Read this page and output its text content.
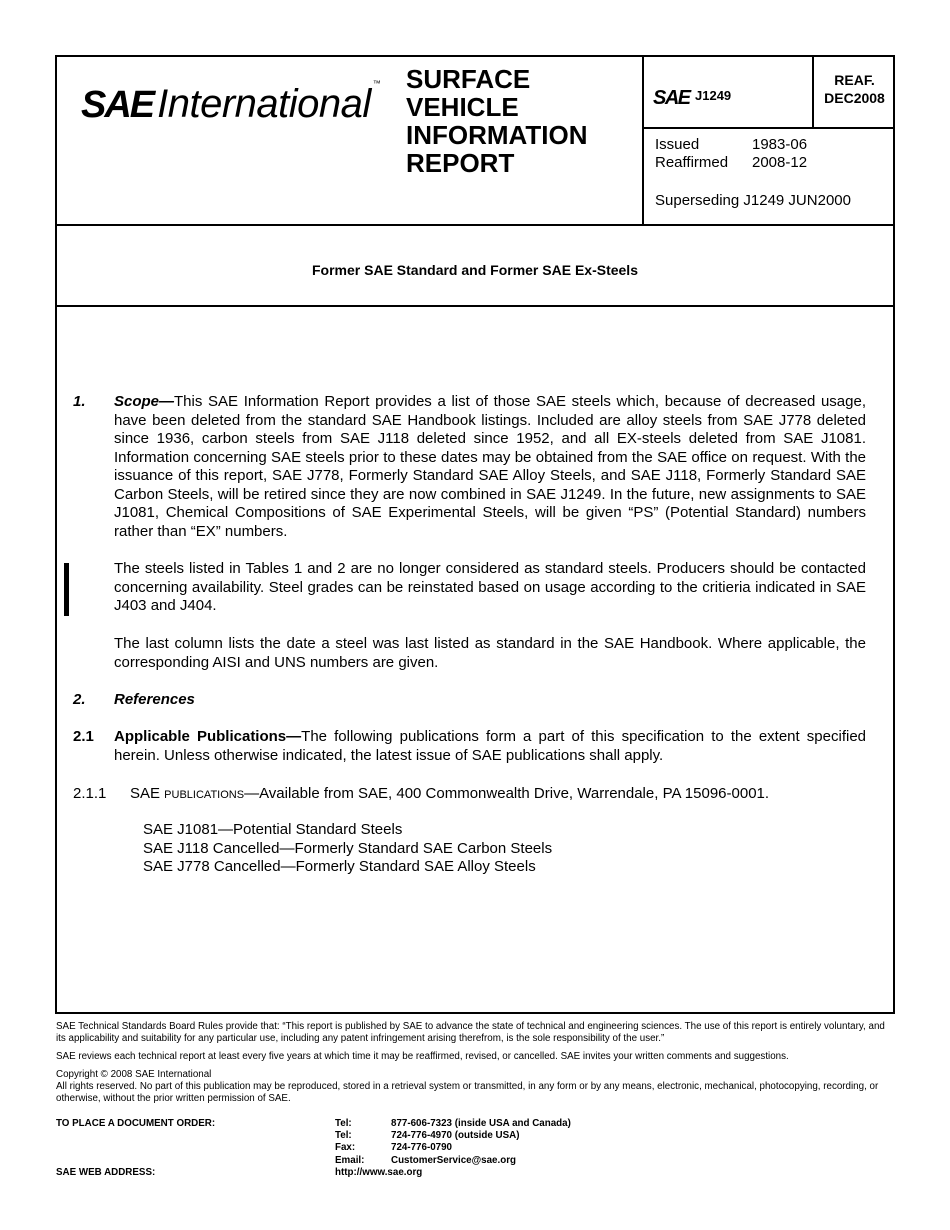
SAE International ™ SURFACE
VEHICLE
INFORMATION
REPORT
SAE J1249
REAF.
DEC2008
Issued	1983-06
Reaffirmed 2008-12
Superseding J1249 JUN2000
Former SAE Standard and Former SAE Ex-Steels
1. Scope—This SAE Information Report provides a list of those SAE steels which, because of decreased usage, have been deleted from the standard SAE Handbook listings. Included are alloy steels from SAE J778 deleted since 1936, carbon steels from SAE J118 deleted since 1952, and all EX-steels deleted from SAE J1081. Information concerning SAE steels prior to these dates may be obtained from the SAE office on request. With the issuance of this report, SAE J778, Formerly Standard SAE Alloy Steels, and SAE J118, Formerly Standard SAE Carbon Steels, will be retired since they are now combined in SAE J1249. In the future, new assignments to SAE J1081, Chemical Compositions of SAE Experimental Steels, will be given “PS” (Potential Standard) numbers rather than “EX” numbers.

The steels listed in Tables 1 and 2 are no longer considered as standard steels. Producers should be contacted concerning availability. Steel grades can be reinstated based on usage according to the critieria indicated in SAE J403 and J404.

The last column lists the date a steel was last listed as standard in the SAE Handbook. Where applicable, the corresponding AISI and UNS numbers are given.

2. References
2.1 Applicable Publications—The following publications form a part of this specification to the extent specified herein. Unless otherwise indicated, the latest issue of SAE publications shall apply.

2.1.1 SAE publications—Available from SAE, 400 Commonwealth Drive, Warrendale, PA 15096-0001.
SAE J1081—Potential Standard Steels
SAE J118 Cancelled—Formerly Standard SAE Carbon Steels
SAE J778 Cancelled—Formerly Standard SAE Alloy Steels

SAE Technical Standards Board Rules provide that: “This report is published by SAE to advance the state of technical and engineering sciences. The use of this report is entirely voluntary, and its applicability and suitability for any particular use, including any patent infringement arising therefrom, is the sole responsibility of the user.”

SAE reviews each technical report at least every five years at which time it may be reaffirmed, revised, or cancelled. SAE invites your written comments and suggestions.

Copyright © 2008 SAE International

All rights reserved. No part of this publication may be reproduced, stored in a retrieval system or transmitted, in any form or by any means, electronic, mechanical, photocopying, recording, or otherwise, without the prior written permission of SAE.

TO PLACE A DOCUMENT ORDER:
SAE WEB ADDRESS:
Tel:	877-606-7323 (inside USA and Canada)
Tel:	724-776-4970 (outside USA)
Fax:	724-776-0790
Email:	CustomerService@sae.org
http://www.sae.org
